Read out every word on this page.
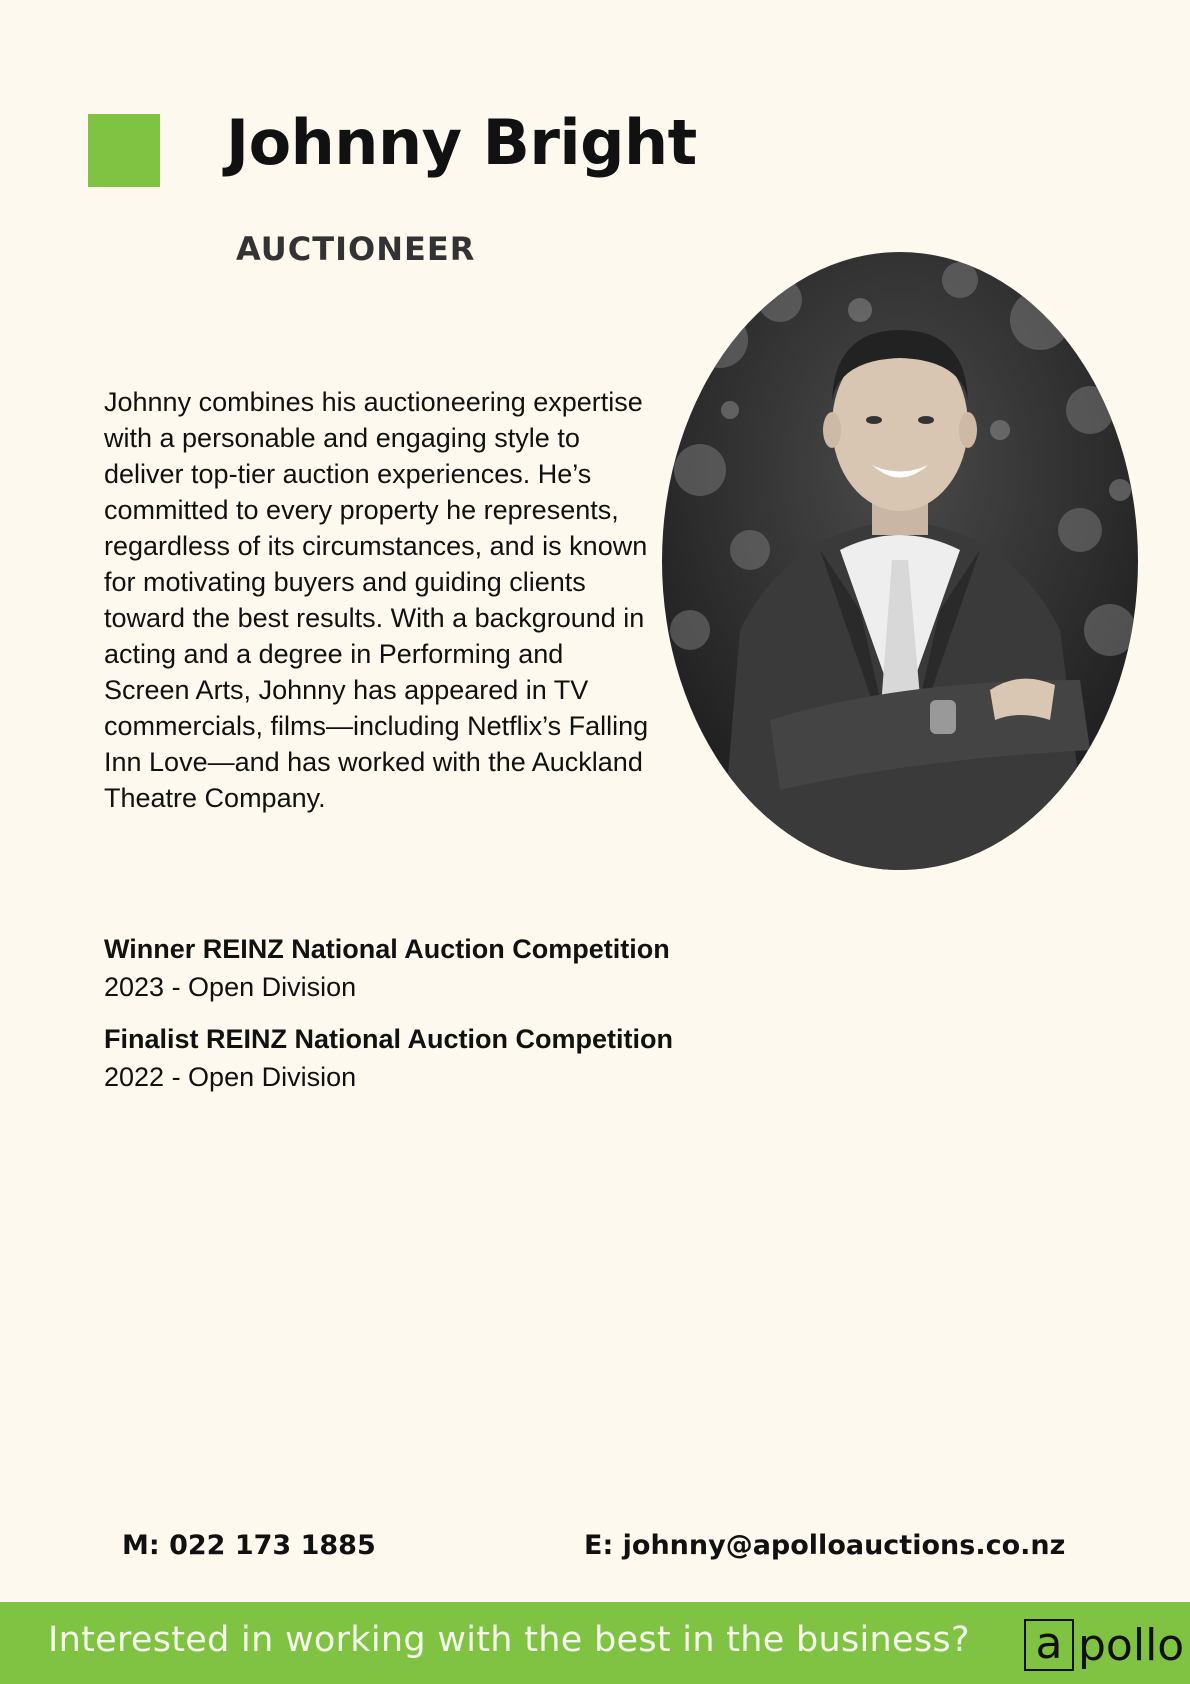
Johnny Bright
AUCTIONEER

Johnny combines his auctioneering expertise with a personable and engaging style to deliver top-tier auction experiences. He’s committed to every property he represents, regardless of its circumstances, and is known for motivating buyers and guiding clients toward the best results. With a background in acting and a degree in Performing and Screen Arts, Johnny has appeared in TV commercials, films—including Netflix’s Falling Inn Love—and has worked with the Auckland Theatre Company.

Winner REINZ National Auction Competition
2023 - Open Division
Finalist REINZ National Auction Competition
2022 - Open Division
M: 022 173 1885	E: johnny@apolloauctions.co.nz
Interested in working with the best in the business? a pollo
